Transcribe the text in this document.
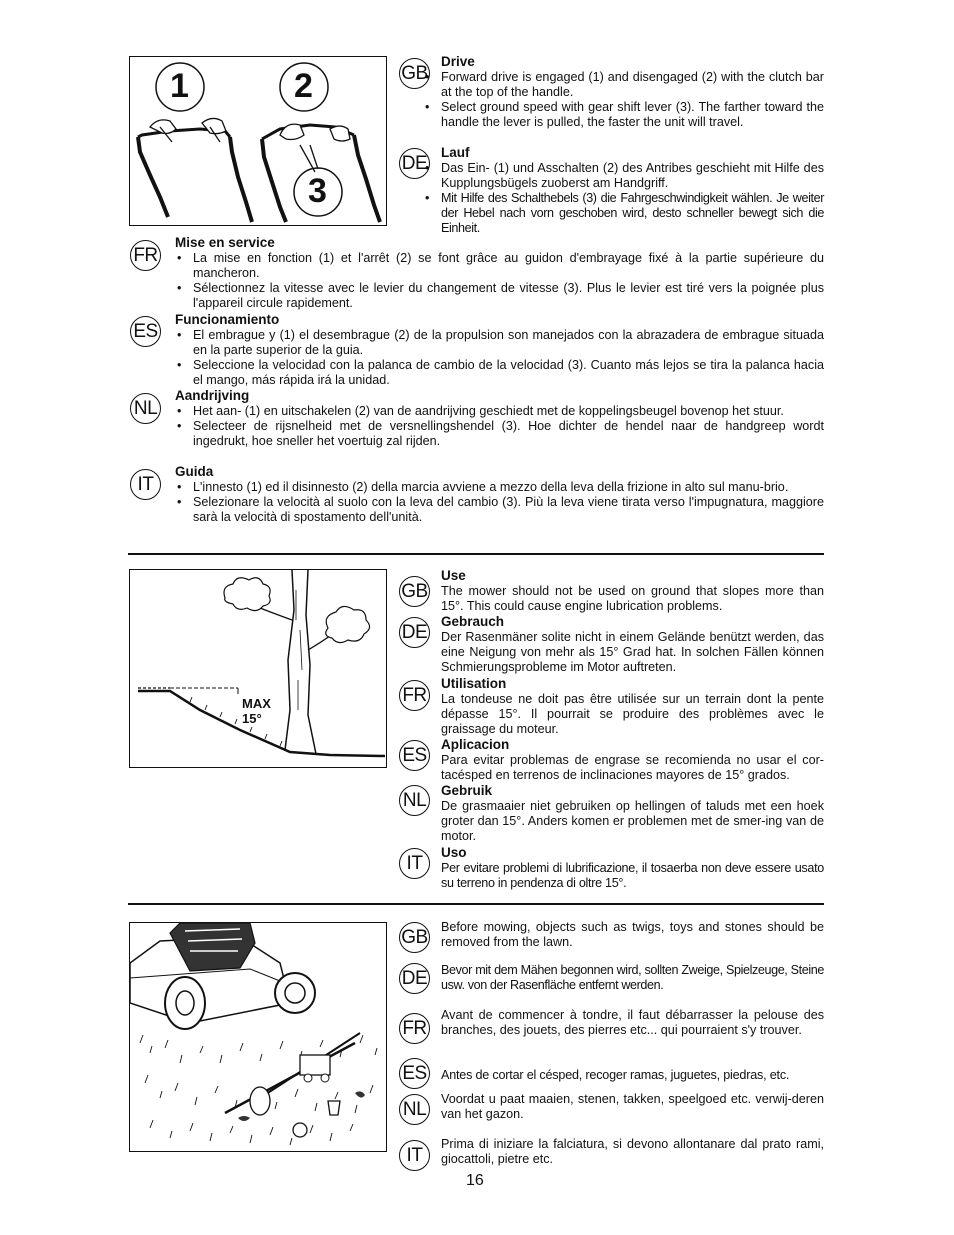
1	2
3
GB
Drive
• Forward drive is engaged (1) and disengaged (2) with the clutch bar at the top of the handle.
• Select ground speed with gear shift lever (3). The farther toward the handle the lever is pulled, the faster the unit will travel.
DE Lauf
• Das Ein- (1) und Asschalten (2) des Antribes geschieht mit Hilfe des Kupplungsbügels zuoberst am Handgriff.
• Mit Hilfe des Schalthebels (3) die Fahrgeschwindigkeit wählen. Je weiter der Hebel nach vorn geschoben wird, desto schneller bewegt sich die Einheit.
FR
Mise en service
• La mise en fonction (1) et l'arrêt (2) se font grâce au guidon d'embrayage fixé à la partie supérieure du mancheron.
• Sélectionnez la vitesse avec le levier du changement de vitesse (3). Plus le levier est tiré vers la poignée plus l'appareil circule rapidement.
ES
Funcionamiento
• El embrague y (1) el desembrague (2) de la propulsion son manejados con la abrazadera de embrague situada en la parte superior de la guia.
• Seleccione la velocidad con la palanca de cambio de la velocidad (3). Cuanto más lejos se tira la palanca hacia el mango, más rápida irá la unidad.
NL
Aandrijving
• Het aan- (1) en uitschakelen (2) van de aandrijving geschiedt met de koppelingsbeugel bovenop het stuur.
• Selecteer de rijsnelheid met de versnellingshendel (3). Hoe dichter de hendel naar de handgreep wordt ingedrukt, hoe sneller het voertuig zal rijden.
IT
Guida
• L'innesto (1) ed il disinnesto (2) della marcia avviene a mezzo della leva della frizione in alto sul manu-brio.
• Selezionare la velocità al suolo con la leva del cambio (3). Più la leva viene tirata verso l'impugnatura, maggiore sarà la velocità di spostamento dell'unità.
MAX
15°
GB
Use
The mower should not be used on ground that slopes more than 15°. This could cause engine lubrication problems.
DE Gebrauch
Der Rasenmäner solite nicht in einem Gelände benützt werden, das eine Neigung von mehr als 15° Grad hat. In solchen Fällen können Schmierungsprobleme im Motor auftreten.
FR
Utilisation
La tondeuse ne doit pas être utilisée sur un terrain dont la pente dépasse 15°. Il pourrait se produire des problèmes avec le graissage du moteur.
ES Aplicacion
Para evitar problemas de engrase se recomienda no usar el cor-tacésped en terrenos de inclinaciones mayores de 15° grados.
NL Gebruik
De grasmaaier niet gebruiken op hellingen of taluds met een hoek groter dan 15°. Anders komen er problemen met de smer-ing van de motor.
IT	Uso
Per evitare problemi di lubrificazione, il tosaerba non deve essere usato su terreno in pendenza di oltre 15°.
GB Before mowing, objects such as twigs, toys and stones should be removed from the lawn.
DE Bevor mit dem Mähen begonnen wird, sollten Zweige, Spielzeuge, Steine usw. von der Rasenfläche entfernt werden.
FR
Avant de commencer à tondre, il faut débarrasser la pelouse des branches, des jouets, des pierres etc... qui pourraient s'y trouver.
ES Antes de cortar el césped, recoger ramas, juguetes, piedras, etc.
NL	Voordat u paat maaien, stenen, takken, speelgoed etc. verwij-deren van het gazon.
IT
Prima di iniziare la falciatura, si devono allontanare dal prato rami, giocattoli, pietre etc.
16
